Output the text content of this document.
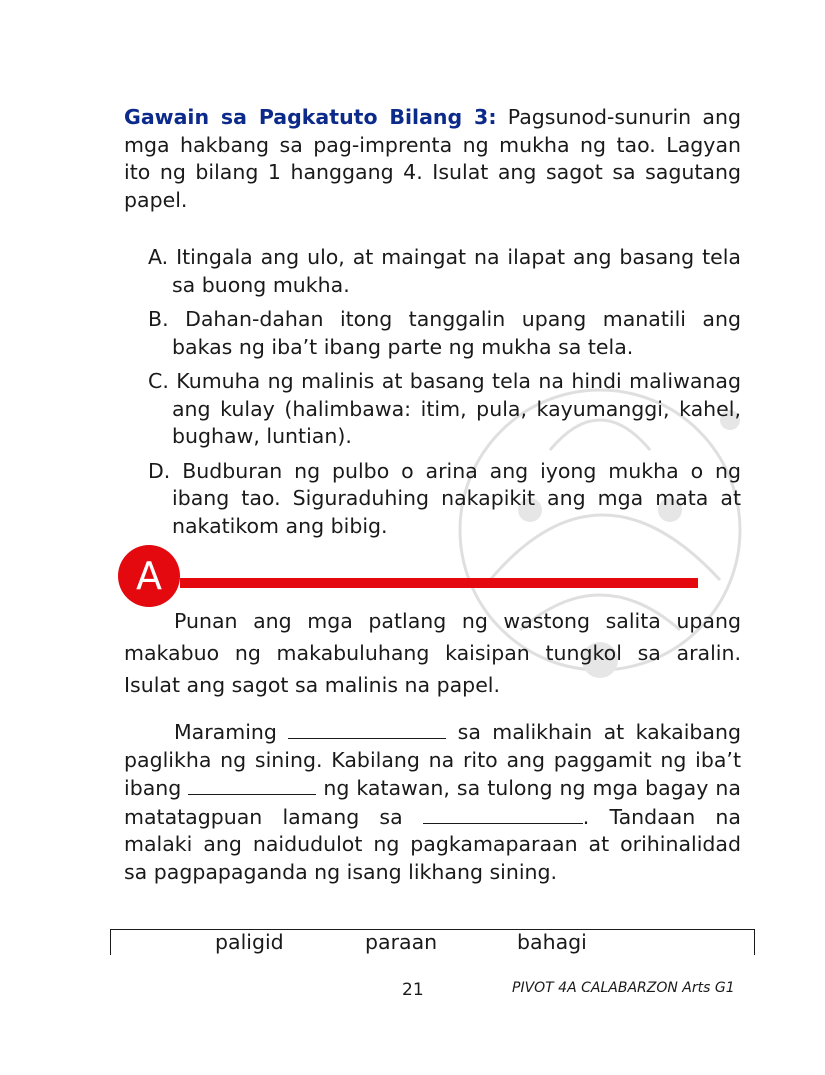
Gawain sa Pagkatuto Bilang 3: Pagsunod-sunurin ang mga hakbang sa pag-imprenta ng mukha ng tao. Lagyan ito ng bilang 1 hanggang 4. Isulat ang sagot sa sagutang papel.
A. Itingala ang ulo, at maingat na ilapat ang basang tela sa buong mukha.
B. Dahan-dahan itong tanggalin upang manatili ang bakas ng iba’t ibang parte ng mukha sa tela.
C. Kumuha ng malinis at basang tela na hindi maliwanag ang kulay (halimbawa: itim, pula, kayumanggi, kahel, bughaw, luntian).
D. Budburan ng pulbo o arina ang iyong mukha o ng ibang tao. Siguraduhing nakapikit ang mga mata at nakatikom ang bibig.
A
Punan ang mga patlang ng wastong salita upang makabuo ng makabuluhang kaisipan tungkol sa aralin. Isulat ang sagot sa malinis na papel.
Maraming	sa malikhain at kakaibang paglikha ng sining. Kabilang na rito ang paggamit ng iba’t ibang	ng katawan, sa tulong ng mga bagay na matatagpuan lamang sa	. Tandaan na malaki ang naidudulot ng pagkamaparaan at orihinalidad sa pagpapaganda ng isang likhang sining.
paligid	paraan	bahagi
21	PIVOT 4A CALABARZON Arts G1
